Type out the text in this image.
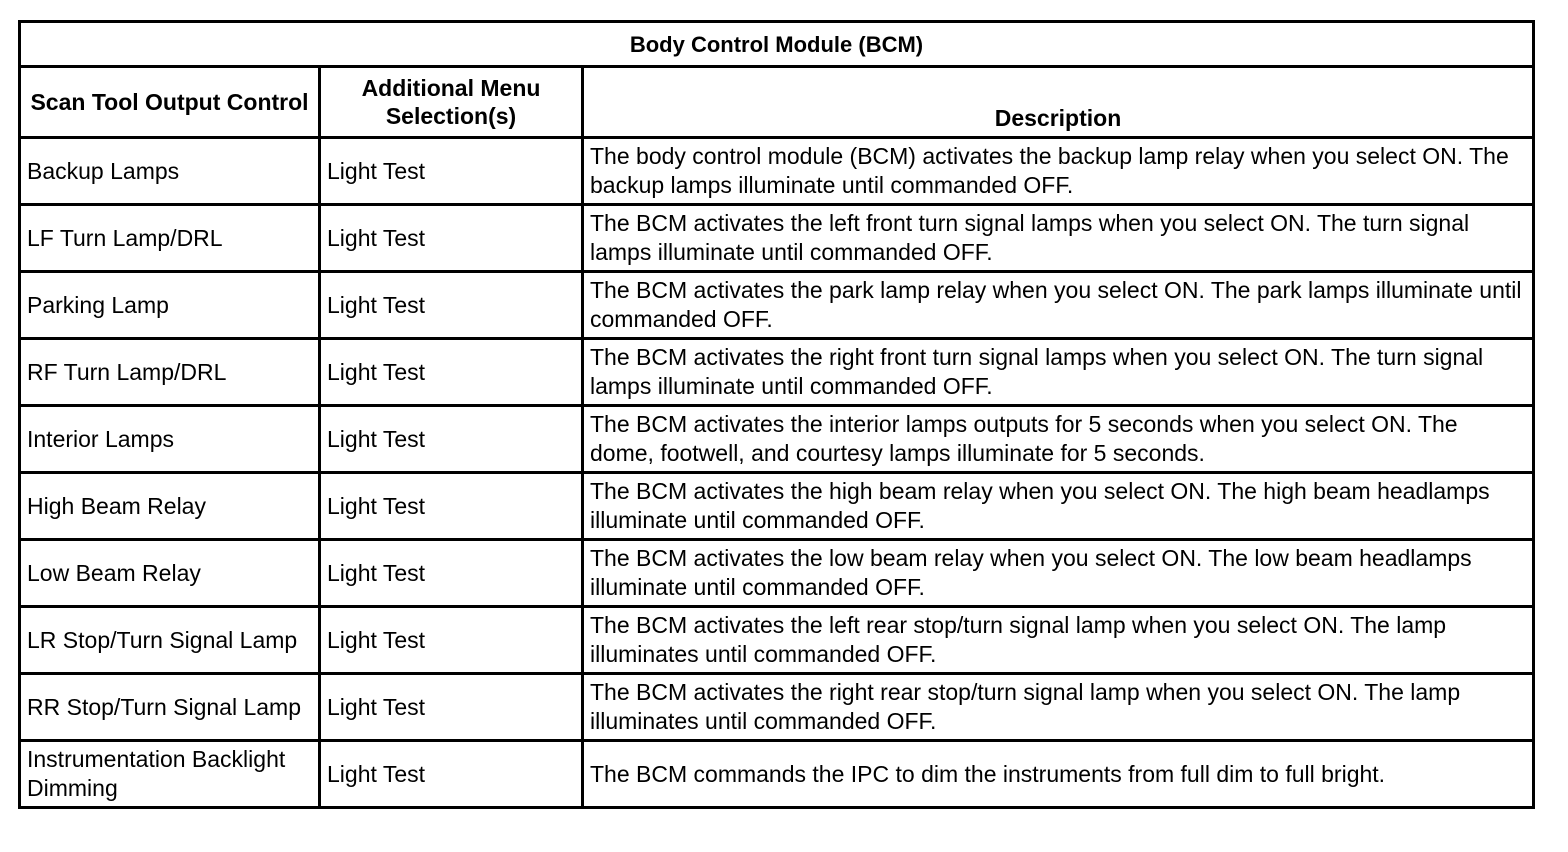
Body Control Module (BCM)		
Scan Tool Output Control	Additional Menu Selection(s)	Description
Backup Lamps	Light Test	The body control module (BCM) activates the backup lamp relay when you select ON. The backup lamps illuminate until commanded OFF.
LF Turn Lamp/DRL	Light Test	The BCM activates the left front turn signal lamps when you select ON. The turn signal lamps illuminate until commanded OFF.
Parking Lamp	Light Test	The BCM activates the park lamp relay when you select ON. The park lamps illuminate until commanded OFF.
RF Turn Lamp/DRL	Light Test	The BCM activates the right front turn signal lamps when you select ON. The turn signal lamps illuminate until commanded OFF.
Interior Lamps	Light Test	The BCM activates the interior lamps outputs for 5 seconds when you select ON. The dome, footwell, and courtesy lamps illuminate for 5 seconds.
High Beam Relay	Light Test	The BCM activates the high beam relay when you select ON. The high beam headlamps illuminate until commanded OFF.
Low Beam Relay	Light Test	The BCM activates the low beam relay when you select ON. The low beam headlamps illuminate until commanded OFF.
LR Stop/Turn Signal Lamp	Light Test	The BCM activates the left rear stop/turn signal lamp when you select ON. The lamp illuminates until commanded OFF.
RR Stop/Turn Signal Lamp	Light Test	The BCM activates the right rear stop/turn signal lamp when you select ON. The lamp illuminates until commanded OFF.
Instrumentation Backlight Dimming	Light Test	The BCM commands the IPC to dim the instruments from full dim to full bright.
